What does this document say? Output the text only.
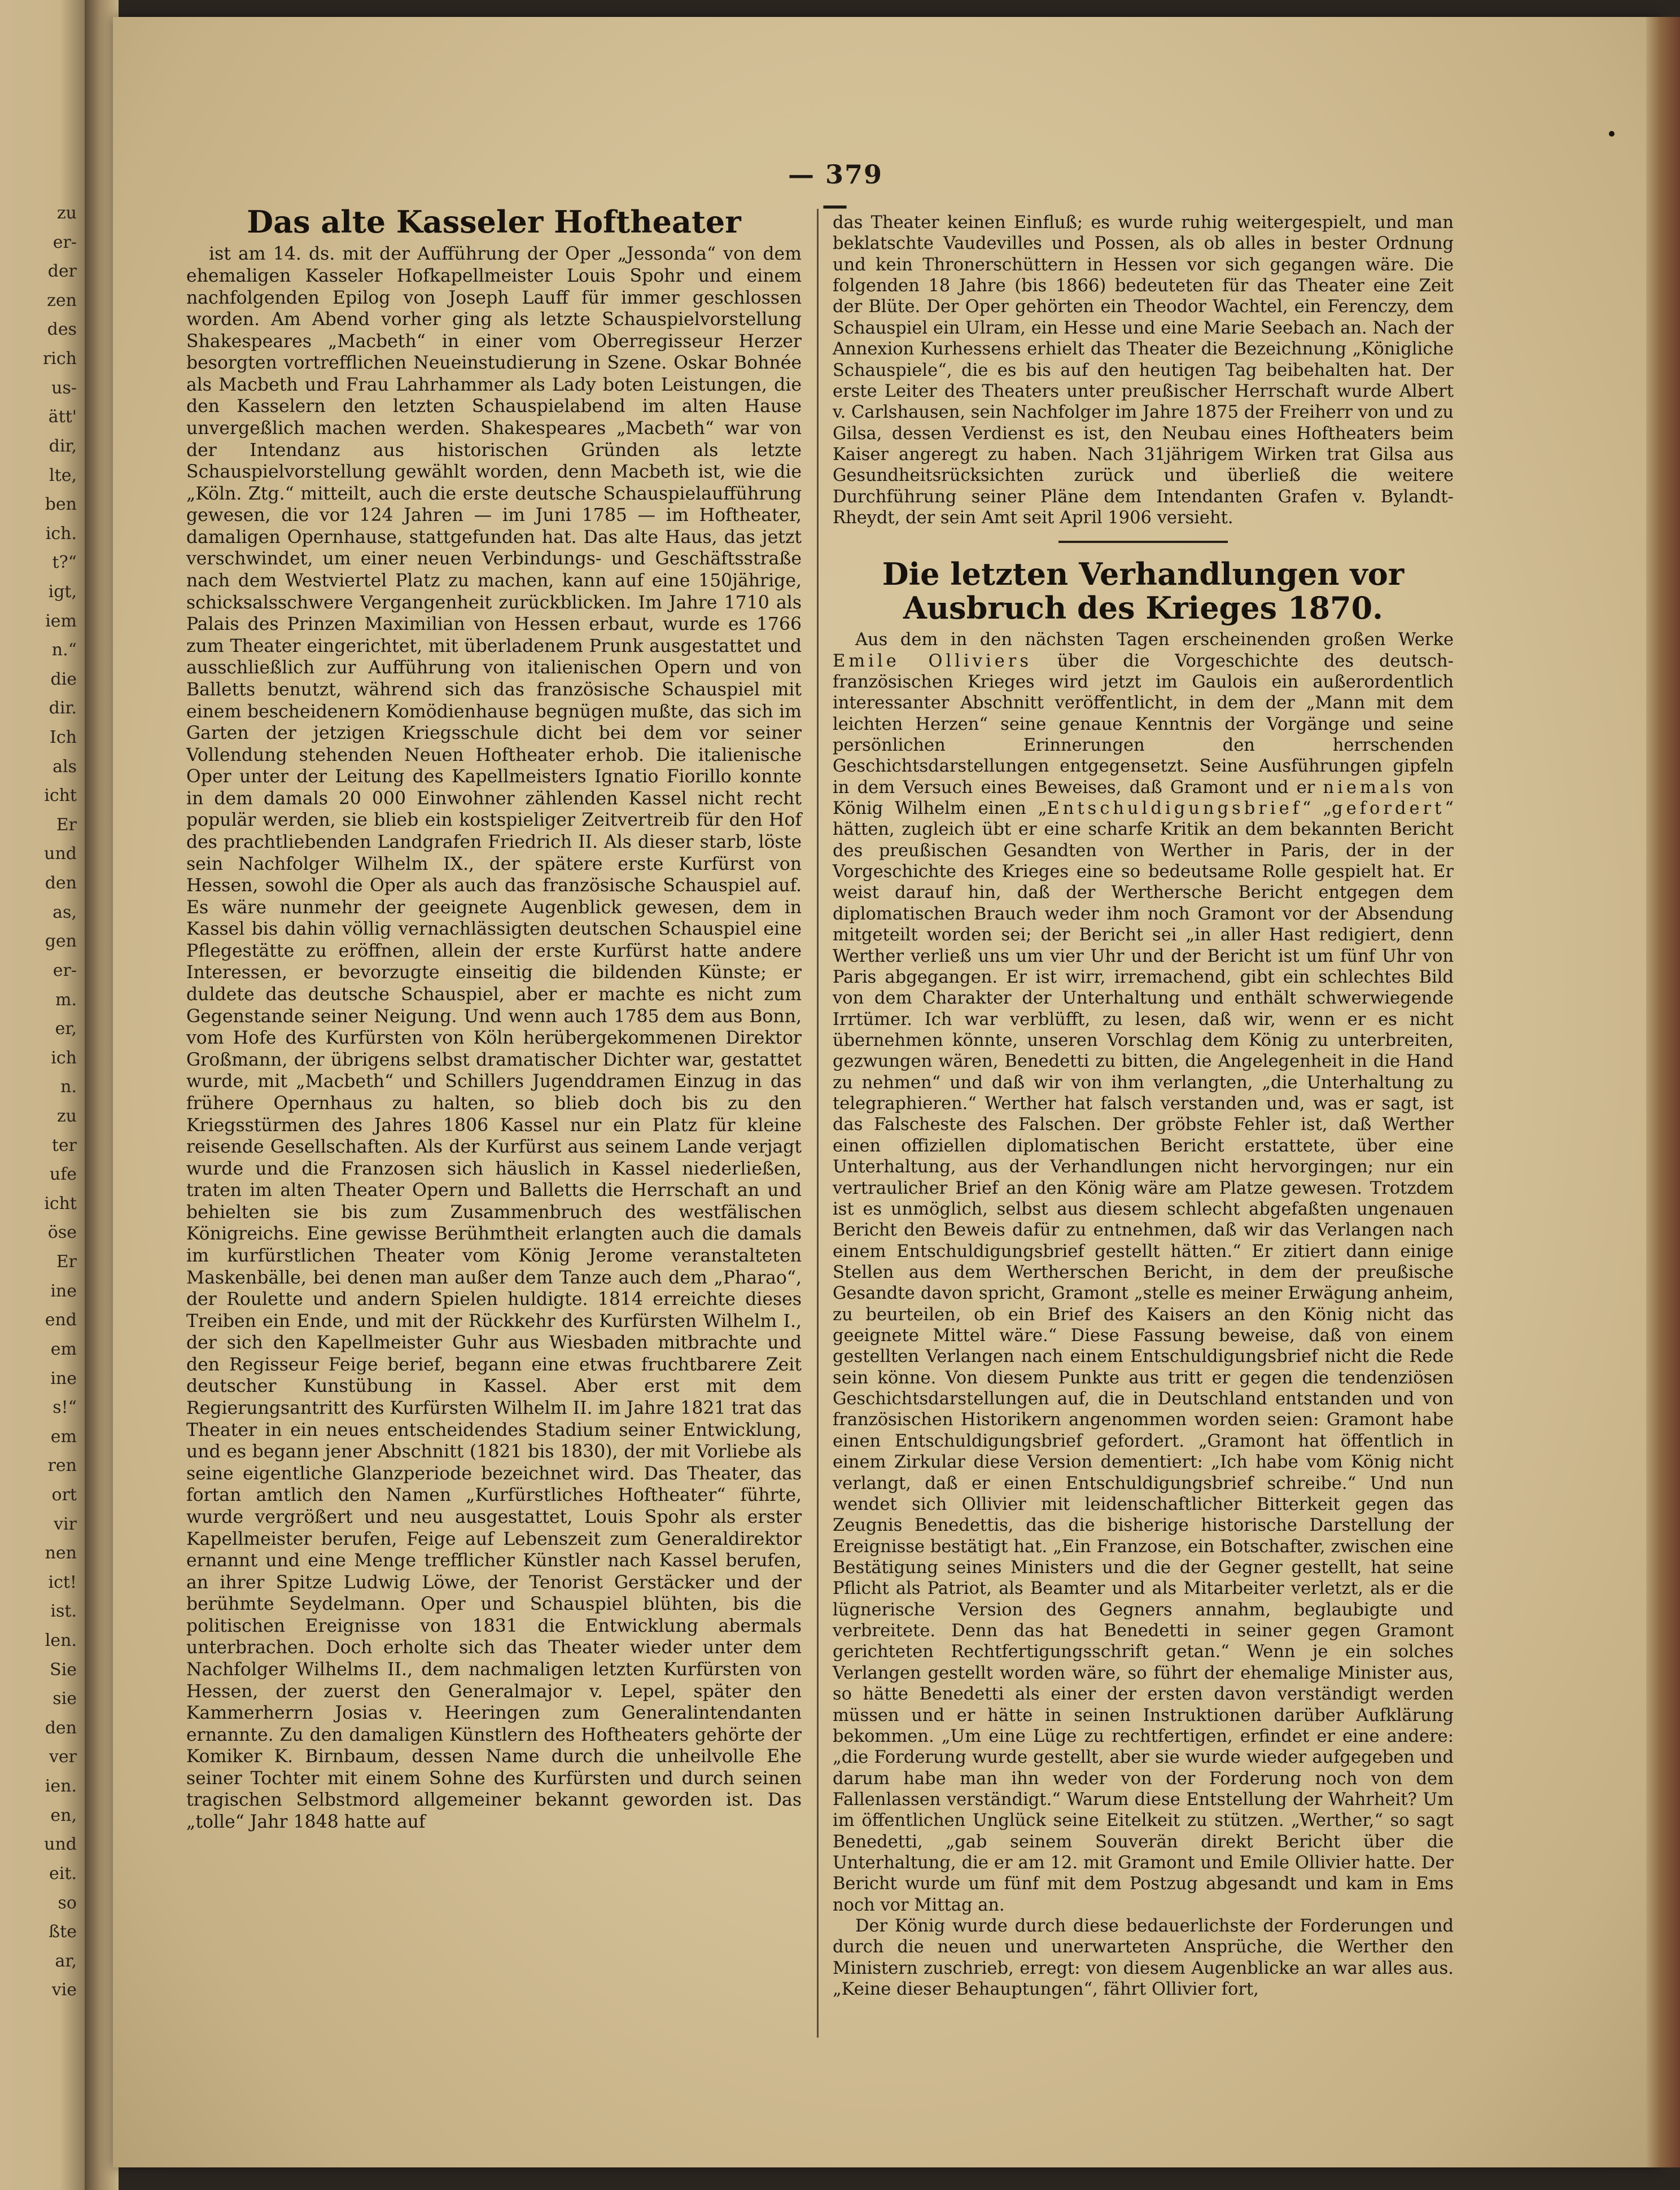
zu
er-
der
zen
des
rich
us-
ätt'
dir,
lte,
ben
ich.
t?“
igt,
iem
n.“
die
dir.
Ich
als
icht
Er
und
den
as,
gen
er-
m.
er,
ich
n.
zu
ter
ufe
icht
öse
Er
ine
end
em
ine
s!“
em
ren
ort
vir
nen
ict!
ist.
len.
Sie
sie
den
ver
ien.
en,
und
eit.
so
ßte
ar,
vie
— 379 —
Das alte Kasseler Hoftheater

ist am 14. ds. mit der Aufführung der Oper „Jessonda“ von dem ehemaligen Kasseler Hofkapellmeister Louis Spohr und einem nachfolgenden Epilog von Joseph Lauff für immer geschlossen worden. Am Abend vorher ging als letzte Schauspielvorstellung Shakespeares „Macbeth“ in einer vom Oberregisseur Herzer besorgten vortrefflichen Neueinstudierung in Szene. Oskar Bohnée als Macbeth und Frau Lahrhammer als Lady boten Leistungen, die den Kasselern den letzten Schauspielabend im alten Hause unvergeßlich machen werden. Shakespeares „Macbeth“ war von der Intendanz aus historischen Gründen als letzte Schauspielvorstellung gewählt worden, denn Macbeth ist, wie die „Köln. Ztg.“ mitteilt, auch die erste deutsche Schauspielaufführung gewesen, die vor 124 Jahren — im Juni 1785 — im Hoftheater, damaligen Opernhause, stattgefunden hat. Das alte Haus, das jetzt verschwindet, um einer neuen Verbindungs- und Geschäftsstraße nach dem Westviertel Platz zu machen, kann auf eine 150jährige, schicksalsschwere Vergangenheit zurückblicken. Im Jahre 1710 als Palais des Prinzen Maximilian von Hessen erbaut, wurde es 1766 zum Theater eingerichtet, mit überladenem Prunk ausgestattet und ausschließlich zur Aufführung von italienischen Opern und von Balletts benutzt, während sich das französische Schauspiel mit einem bescheidenern Komödienhause begnügen mußte, das sich im Garten der jetzigen Kriegsschule dicht bei dem vor seiner Vollendung stehenden Neuen Hoftheater erhob. Die italienische Oper unter der Leitung des Kapellmeisters Ignatio Fiorillo konnte in dem damals 20 000 Einwohner zählenden Kassel nicht recht populär werden, sie blieb ein kostspieliger Zeitvertreib für den Hof des prachtliebenden Landgrafen Friedrich II. Als dieser starb, löste sein Nachfolger Wilhelm IX., der spätere erste Kurfürst von Hessen, sowohl die Oper als auch das französische Schauspiel auf. Es wäre nunmehr der geeignete Augenblick gewesen, dem in Kassel bis dahin völlig vernachlässigten deutschen Schauspiel eine Pflegestätte zu eröffnen, allein der erste Kurfürst hatte andere Interessen, er bevorzugte einseitig die bildenden Künste; er duldete das deutsche Schauspiel, aber er machte es nicht zum Gegenstande seiner Neigung. Und wenn auch 1785 dem aus Bonn, vom Hofe des Kurfürsten von Köln herübergekommenen Direktor Großmann, der übrigens selbst dramatischer Dichter war, gestattet wurde, mit „Macbeth“ und Schillers Jugenddramen Einzug in das frühere Opernhaus zu halten, so blieb doch bis zu den Kriegsstürmen des Jahres 1806 Kassel nur ein Platz für kleine reisende Gesellschaften. Als der Kurfürst aus seinem Lande verjagt wurde und die Franzosen sich häuslich in Kassel niederließen, traten im alten Theater Opern und Balletts die Herrschaft an und behielten sie bis zum Zusammenbruch des westfälischen Königreichs. Eine gewisse Berühmtheit erlangten auch die damals im kurfürstlichen Theater vom König Jerome veranstalteten Maskenbälle, bei denen man außer dem Tanze auch dem „Pharao“, der Roulette und andern Spielen huldigte. 1814 erreichte dieses Treiben ein Ende, und mit der Rückkehr des Kurfürsten Wilhelm I., der sich den Kapellmeister Guhr aus Wiesbaden mitbrachte und den Regisseur Feige berief, begann eine etwas fruchtbarere Zeit deutscher Kunstübung in Kassel. Aber erst mit dem Regierungsantritt des Kurfürsten Wilhelm II. im Jahre 1821 trat das Theater in ein neues entscheidendes Stadium seiner Entwicklung, und es begann jener Abschnitt (1821 bis 1830), der mit Vorliebe als seine eigentliche Glanzperiode bezeichnet wird. Das Theater, das fortan amtlich den Namen „Kurfürstliches Hoftheater“ führte, wurde vergrößert und neu ausgestattet, Louis Spohr als erster Kapellmeister berufen, Feige auf Lebenszeit zum Generaldirektor ernannt und eine Menge trefflicher Künstler nach Kassel berufen, an ihrer Spitze Ludwig Löwe, der Tenorist Gerstäcker und der berühmte Seydelmann. Oper und Schauspiel blühten, bis die politischen Ereignisse von 1831 die Entwicklung abermals unterbrachen. Doch erholte sich das Theater wieder unter dem Nachfolger Wilhelms II., dem nachmaligen letzten Kurfürsten von Hessen, der zuerst den Generalmajor v. Lepel, später den Kammerherrn Josias v. Heeringen zum Generalintendanten ernannte. Zu den damaligen Künstlern des Hoftheaters gehörte der Komiker K. Birnbaum, dessen Name durch die unheilvolle Ehe seiner Tochter mit einem Sohne des Kurfürsten und durch seinen tragischen Selbstmord allgemeiner bekannt geworden ist. Das „tolle“ Jahr 1848 hatte auf

das Theater keinen Einfluß; es wurde ruhig weitergespielt, und man beklatschte Vaudevilles und Possen, als ob alles in bester Ordnung und kein Thronerschüttern in Hessen vor sich gegangen wäre. Die folgenden 18 Jahre (bis 1866) bedeuteten für das Theater eine Zeit der Blüte. Der Oper gehörten ein Theodor Wachtel, ein Ferenczy, dem Schauspiel ein Ulram, ein Hesse und eine Marie Seebach an. Nach der Annexion Kurhessens erhielt das Theater die Bezeichnung „Königliche Schauspiele“, die es bis auf den heutigen Tag beibehalten hat. Der erste Leiter des Theaters unter preußischer Herrschaft wurde Albert v. Carlshausen, sein Nachfolger im Jahre 1875 der Freiherr von und zu Gilsa, dessen Verdienst es ist, den Neubau eines Hoftheaters beim Kaiser angeregt zu haben. Nach 31jährigem Wirken trat Gilsa aus Gesundheitsrücksichten zurück und überließ die weitere Durchführung seiner Pläne dem Intendanten Grafen v. Bylandt-Rheydt, der sein Amt seit April 1906 versieht.

Die letzten Verhandlungen vor Ausbruch des Krieges 1870.

Aus dem in den nächsten Tagen erscheinenden großen Werke Emile Olliviers über die Vorgeschichte des deutsch-französischen Krieges wird jetzt im Gaulois ein außerordentlich interessanter Abschnitt veröffentlicht, in dem der „Mann mit dem leichten Herzen“ seine genaue Kenntnis der Vorgänge und seine persönlichen Erinnerungen den herrschenden Geschichtsdarstellungen entgegensetzt. Seine Ausführungen gipfeln in dem Versuch eines Beweises, daß Gramont und er niemals von König Wilhelm einen „Entschuldigungsbrief“ „gefordert“ hätten, zugleich übt er eine scharfe Kritik an dem bekannten Bericht des preußischen Gesandten von Werther in Paris, der in der Vorgeschichte des Krieges eine so bedeutsame Rolle gespielt hat. Er weist darauf hin, daß der Werthersche Bericht entgegen dem diplomatischen Brauch weder ihm noch Gramont vor der Absendung mitgeteilt worden sei; der Bericht sei „in aller Hast redigiert, denn Werther verließ uns um vier Uhr und der Bericht ist um fünf Uhr von Paris abgegangen. Er ist wirr, irremachend, gibt ein schlechtes Bild von dem Charakter der Unterhaltung und enthält schwerwiegende Irrtümer. Ich war verblüfft, zu lesen, daß wir, wenn er es nicht übernehmen könnte, unseren Vorschlag dem König zu unterbreiten, gezwungen wären, Benedetti zu bitten, die Angelegenheit in die Hand zu nehmen“ und daß wir von ihm verlangten, „die Unterhaltung zu telegraphieren.“ Werther hat falsch verstanden und, was er sagt, ist das Falscheste des Falschen. Der gröbste Fehler ist, daß Werther einen offiziellen diplomatischen Bericht erstattete, über eine Unterhaltung, aus der Verhandlungen nicht hervorgingen; nur ein vertraulicher Brief an den König wäre am Platze gewesen. Trotzdem ist es unmöglich, selbst aus diesem schlecht abgefaßten ungenauen Bericht den Beweis dafür zu entnehmen, daß wir das Verlangen nach einem Entschuldigungsbrief gestellt hätten.“ Er zitiert dann einige Stellen aus dem Wertherschen Bericht, in dem der preußische Gesandte davon spricht, Gramont „stelle es meiner Erwägung anheim, zu beurteilen, ob ein Brief des Kaisers an den König nicht das geeignete Mittel wäre.“ Diese Fassung beweise, daß von einem gestellten Verlangen nach einem Entschuldigungsbrief nicht die Rede sein könne. Von diesem Punkte aus tritt er gegen die tendenziösen Geschichtsdarstellungen auf, die in Deutschland entstanden und von französischen Historikern angenommen worden seien: Gramont habe einen Entschuldigungsbrief gefordert. „Gramont hat öffentlich in einem Zirkular diese Version dementiert: „Ich habe vom König nicht verlangt, daß er einen Entschuldigungsbrief schreibe.“ Und nun wendet sich Ollivier mit leidenschaftlicher Bitterkeit gegen das Zeugnis Benedettis, das die bisherige historische Darstellung der Ereignisse bestätigt hat. „Ein Franzose, ein Botschafter, zwischen eine Bestätigung seines Ministers und die der Gegner gestellt, hat seine Pflicht als Patriot, als Beamter und als Mitarbeiter verletzt, als er die lügnerische Version des Gegners annahm, beglaubigte und verbreitete. Denn das hat Benedetti in seiner gegen Gramont gerichteten Rechtfertigungsschrift getan.“ Wenn je ein solches Verlangen gestellt worden wäre, so führt der ehemalige Minister aus, so hätte Benedetti als einer der ersten davon verständigt werden müssen und er hätte in seinen Instruktionen darüber Aufklärung bekommen. „Um eine Lüge zu rechtfertigen, erfindet er eine andere: „die Forderung wurde gestellt, aber sie wurde wieder aufgegeben und darum habe man ihn weder von der Forderung noch von dem Fallenlassen verständigt.“ Warum diese Entstellung der Wahrheit? Um im öffentlichen Unglück seine Eitelkeit zu stützen. „Werther,“ so sagt Benedetti, „gab seinem Souverän direkt Bericht über die Unterhaltung, die er am 12. mit Gramont und Emile Ollivier hatte. Der Bericht wurde um fünf mit dem Postzug abgesandt und kam in Ems noch vor Mittag an.

Der König wurde durch diese bedauerlichste der Forderungen und durch die neuen und unerwarteten Ansprüche, die Werther den Ministern zuschrieb, erregt: von diesem Augenblicke an war alles aus. „Keine dieser Behauptungen“, fährt Ollivier fort,
